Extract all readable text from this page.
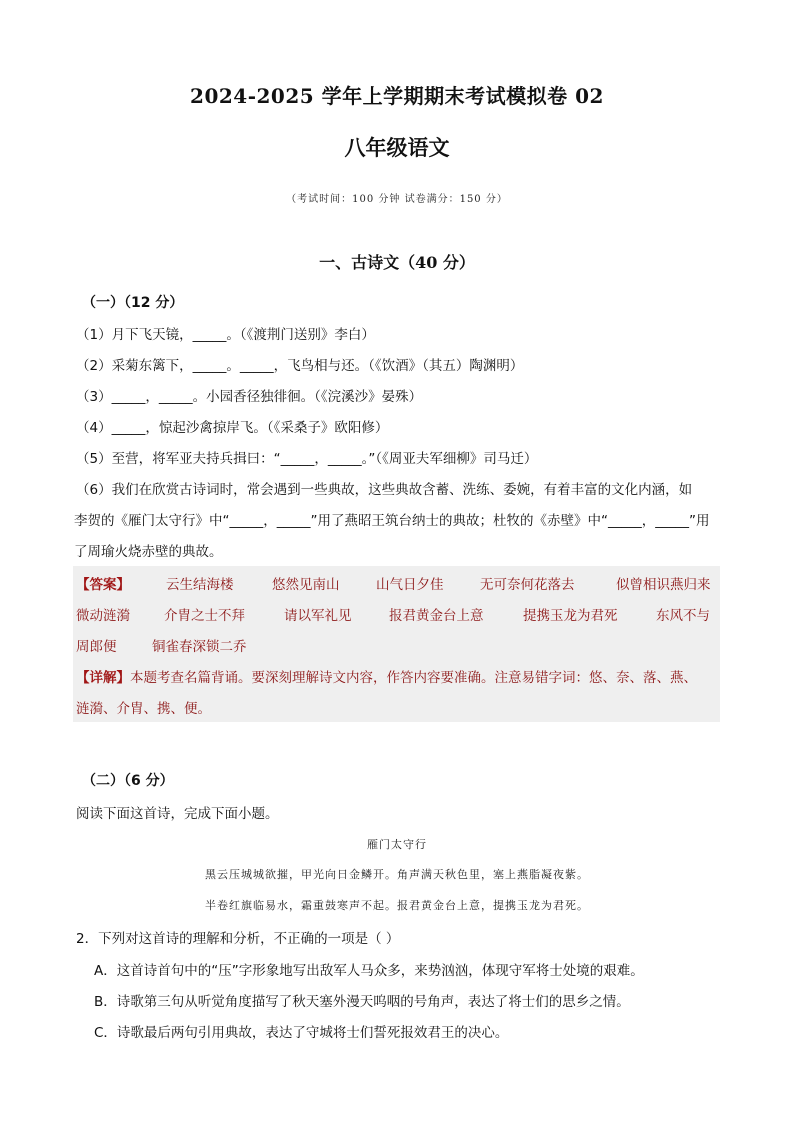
2024-2025 学年上学期期末考试模拟卷 02
八年级语文
（考试时间：100 分钟 试卷满分：150 分）
一、古诗文（40 分）
（一）（12 分）
（1）月下飞天镜，_____。（《渡荆门送别》李白）
（2）采菊东篱下，_____。_____，飞鸟相与还。（《饮酒》（其五）陶渊明）
（3）_____，_____。小园香径独徘徊。（《浣溪沙》晏殊）
（4）_____，惊起沙禽掠岸飞。（《采桑子》欧阳修）
（5）至营，将军亚夫持兵揖曰：“_____，_____。”（《周亚夫军细柳》司马迁）
（6）我们在欣赏古诗词时，常会遇到一些典故，这些典故含蓄、洗练、委婉，有着丰富的文化内涵，如
李贺的《雁门太守行》中“_____，_____”用了燕昭王筑台纳士的典故；杜牧的《赤壁》中“_____，_____”用
了周瑜火烧赤壁的典故。
【答案】	云生结海楼	悠然见南山	山气日夕佳	无可奈何花落去	似曾相识燕归来
微动涟漪	介胄之士不拜	请以军礼见	报君黄金台上意	提携玉龙为君死	东风不与
周郎便	铜雀春深锁二乔
【详解】本题考查名篇背诵。要深刻理解诗文内容，作答内容要准确。注意易错字词：悠、奈、落、燕、
涟漪、介胄、携、便。
（二）（6 分）
阅读下面这首诗，完成下面小题。
雁门太守行
黑云压城城欲摧，甲光向日金鳞开。角声满天秋色里，塞上燕脂凝夜紫。
半卷红旗临易水，霜重鼓寒声不起。报君黄金台上意，提携玉龙为君死。
2．下列对这首诗的理解和分析，不正确的一项是（ ）
A．这首诗首句中的“压”字形象地写出敌军人马众多，来势汹汹，体现守军将士处境的艰难。
B．诗歌第三句从听觉角度描写了秋天塞外漫天呜咽的号角声，表达了将士们的思乡之情。
C．诗歌最后两句引用典故，表达了守城将士们誓死报效君王的决心。
